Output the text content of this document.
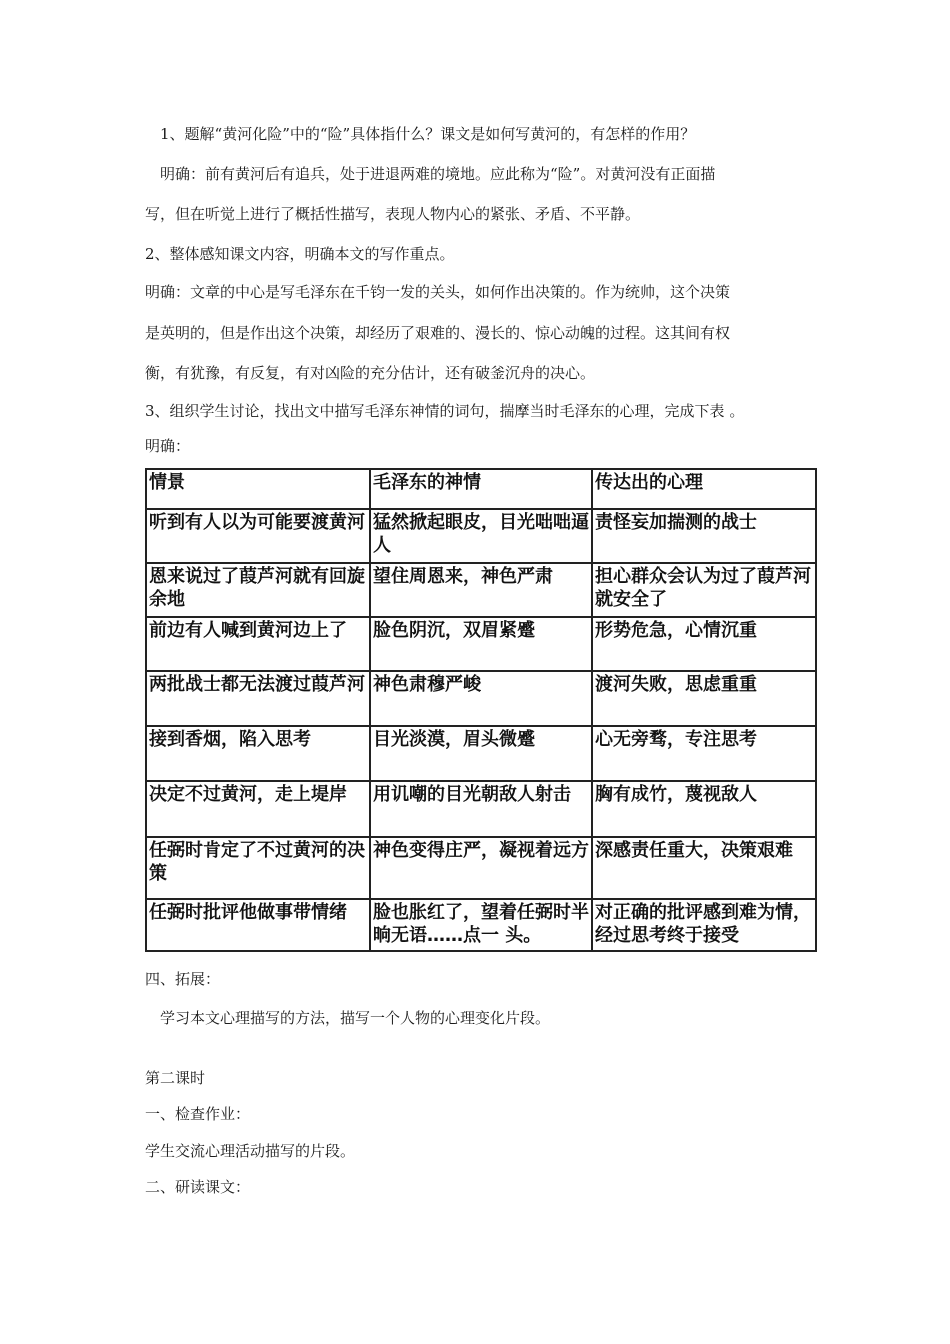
1、题解“黄河化险”中的“险”具体指什么？课文是如何写黄河的，有怎样的作用？
明确：前有黄河后有追兵，处于进退两难的境地。应此称为“险”。对黄河没有正面描
写，但在听觉上进行了概括性描写，表现人物内心的紧张、矛盾、不平静。
2、整体感知课文内容，明确本文的写作重点。
明确：文章的中心是写毛泽东在千钧一发的关头，如何作出决策的。作为统帅，这个决策
是英明的，但是作出这个决策，却经历了艰难的、漫长的、惊心动魄的过程。这其间有权
衡，有犹豫，有反复，有对凶险的充分估计，还有破釜沉舟的决心。
3、组织学生讨论，找出文中描写毛泽东神情的词句，揣摩当时毛泽东的心理，完成下表 。
明确：
情景	毛泽东的神情	传达出的心理
听到有人以为可能要渡黄河	猛然掀起眼皮，目光咄咄逼人	责怪妄加揣测的战士
恩来说过了葭芦河就有回旋余地	望住周恩来，神色严肃	担心群众会认为过了葭芦河就安全了
前边有人喊到黄河边上了	脸色阴沉，双眉紧蹙	形势危急，心情沉重
两批战士都无法渡过葭芦河	神色肃穆严峻	渡河失败，思虑重重
接到香烟，陷入思考	目光淡漠，眉头微蹙	心无旁骛，专注思考
决定不过黄河，走上堤岸	用讥嘲的目光朝敌人射击	胸有成竹，蔑视敌人
任弼时肯定了不过黄河的决策	神色变得庄严，凝视着远方	深感责任重大，决策艰难
任弼时批评他做事带情绪	脸也胀红了，望着任弼时半晌无语……点一 头。	对正确的批评感到难为情， 经过思考终于接受
四、拓展：
学习本文心理描写的方法，描写一个人物的心理变化片段。
第二课时
一、检查作业：
学生交流心理活动描写的片段。
二、研读课文：
